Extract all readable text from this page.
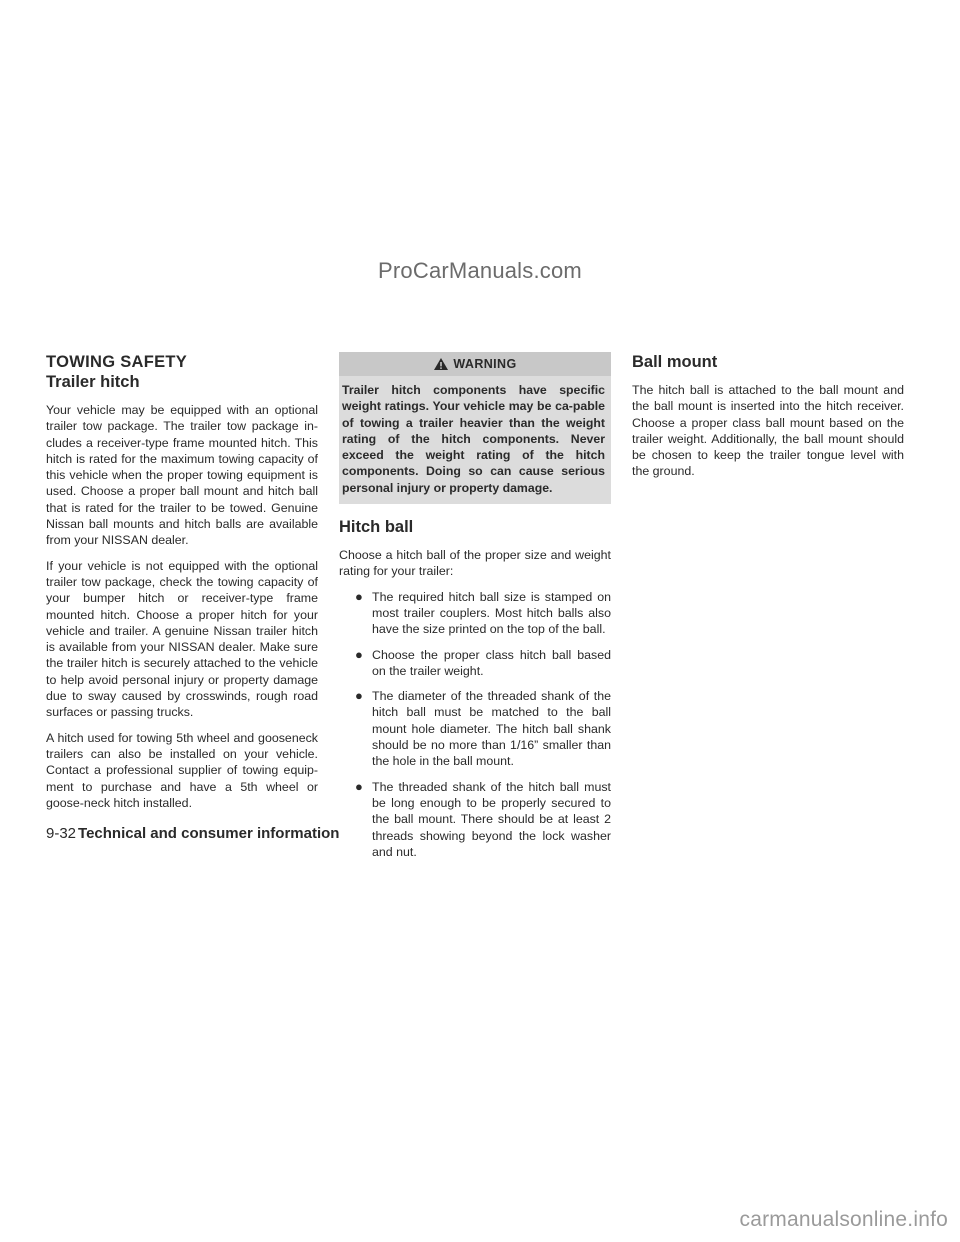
ProCarManuals.com
TOWING SAFETY
Trailer hitch

Your vehicle may be equipped with an optional trailer tow package. The trailer tow package in-cludes a receiver-type frame mounted hitch. This hitch is rated for the maximum towing capacity of this vehicle when the proper towing equipment is used. Choose a proper ball mount and hitch ball that is rated for the trailer to be towed. Genuine Nissan ball mounts and hitch balls are available from your NISSAN dealer.

If your vehicle is not equipped with the optional trailer tow package, check the towing capacity of your bumper hitch or receiver-type frame mounted hitch. Choose a proper hitch for your vehicle and trailer. A genuine Nissan trailer hitch is available from your NISSAN dealer. Make sure the trailer hitch is securely attached to the vehicle to help avoid personal injury or property damage due to sway caused by crosswinds, rough road surfaces or passing trucks.

A hitch used for towing 5th wheel and gooseneck trailers can also be installed on your vehicle. Contact a professional supplier of towing equip-ment to purchase and have a 5th wheel or goose-neck hitch installed.

WARNING
Trailer hitch components have specific weight ratings. Your vehicle may be ca-pable of towing a trailer heavier than the weight rating of the hitch components. Never exceed the weight rating of the hitch components. Doing so can cause serious personal injury or property damage.
Hitch ball

Choose a hitch ball of the proper size and weight rating for your trailer:

● The required hitch ball size is stamped on most trailer couplers. Most hitch balls also have the size printed on the top of the ball.
● Choose the proper class hitch ball based on the trailer weight.
● The diameter of the threaded shank of the hitch ball must be matched to the ball mount hole diameter. The hitch ball shank should be no more than 1/16” smaller than the hole in the ball mount.
● The threaded shank of the hitch ball must be long enough to be properly secured to the ball mount. There should be at least 2 threads showing beyond the lock washer and nut.
Ball mount

The hitch ball is attached to the ball mount and the ball mount is inserted into the hitch receiver. Choose a proper class ball mount based on the trailer weight. Additionally, the ball mount should be chosen to keep the trailer tongue level with the ground.

9-32 Technical and consumer information
carmanualsonline.info
